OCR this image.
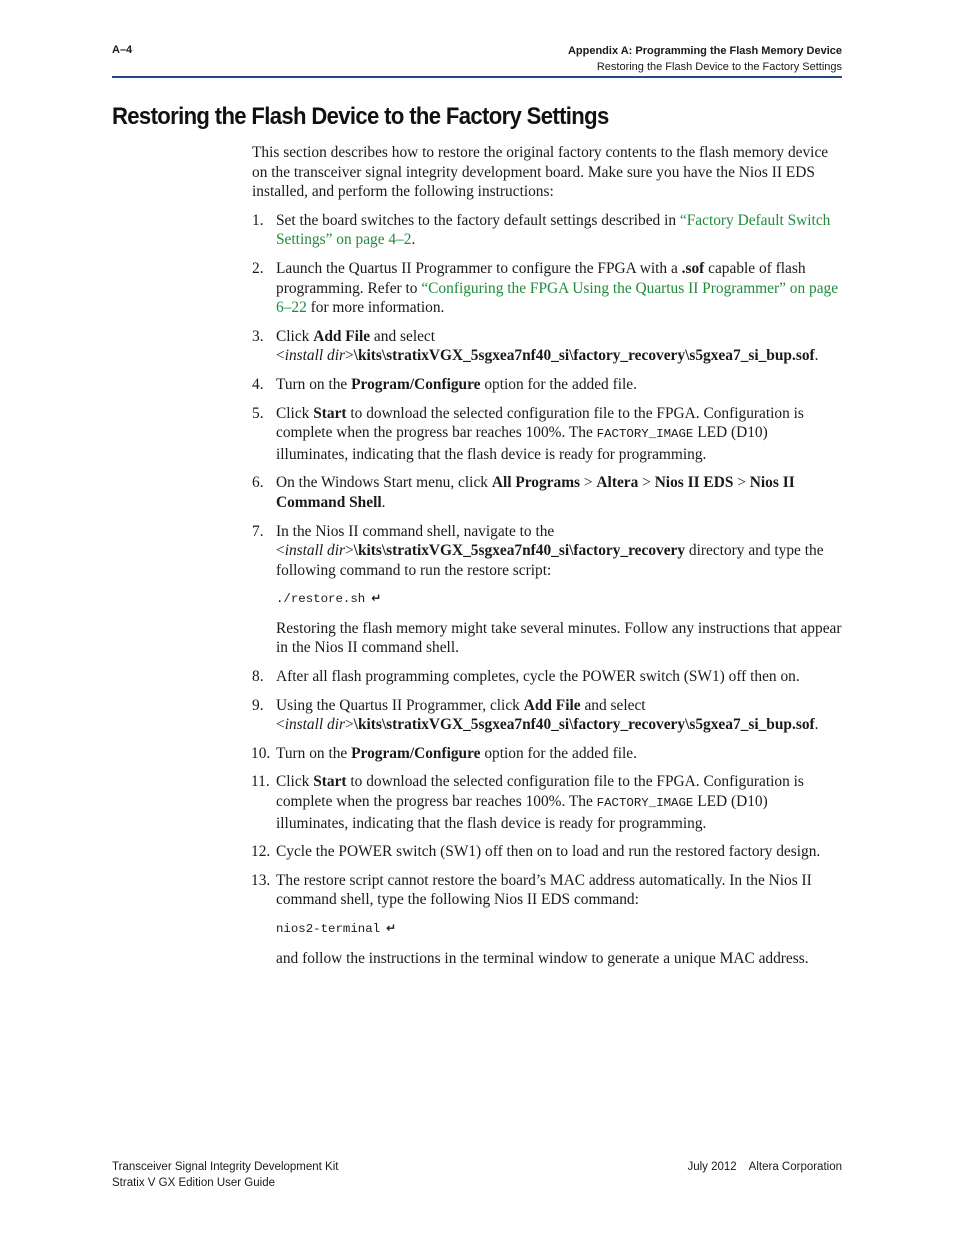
A–4	Appendix A: Programming the Flash Memory Device
Restoring the Flash Device to the Factory Settings
Restoring the Flash Device to the Factory Settings

This section describes how to restore the original factory contents to the flash memory device on the transceiver signal integrity development board. Make sure you have the Nios II EDS installed, and perform the following instructions:

1. Set the board switches to the factory default settings described in “Factory Default Switch Settings” on page 4–2.
2. Launch the Quartus II Programmer to configure the FPGA with a .sof capable of flash programming. Refer to “Configuring the FPGA Using the Quartus II Programmer” on page 6–22 for more information.
3. Click Add File and select
<install dir>\kits\stratixVGX_5sgxea7nf40_si\factory_recovery\s5gxea7_si_bup.sof.
4. Turn on the Program/Configure option for the added file.
5. Click Start to download the selected configuration file to the FPGA. Configuration is complete when the progress bar reaches 100%. The FACTORY_IMAGE LED (D10) illuminates, indicating that the flash device is ready for programming.
6. On the Windows Start menu, click All Programs > Altera > Nios II EDS > Nios II Command Shell.
7. In the Nios II command shell, navigate to the
<install dir>\kits\stratixVGX_5sgxea7nf40_si\factory_recovery directory and type the following command to run the restore script:

./restore.sh ↵

Restoring the flash memory might take several minutes. Follow any instructions that appear in the Nios II command shell.

8. After all flash programming completes, cycle the POWER switch (SW1) off then on.
9. Using the Quartus II Programmer, click Add File and select
<install dir>\kits\stratixVGX_5sgxea7nf40_si\factory_recovery\s5gxea7_si_bup.sof.
10. Turn on the Program/Configure option for the added file.
11. Click Start to download the selected configuration file to the FPGA. Configuration is complete when the progress bar reaches 100%. The FACTORY_IMAGE LED (D10) illuminates, indicating that the flash device is ready for programming.
12. Cycle the POWER switch (SW1) off then on to load and run the restored factory design.
13. The restore script cannot restore the board’s MAC address automatically. In the Nios II command shell, type the following Nios II EDS command:

nios2-terminal ↵

and follow the instructions in the terminal window to generate a unique MAC address.

Transceiver Signal Integrity Development Kit
Stratix V GX Edition User Guide
July 2012 Altera Corporation
